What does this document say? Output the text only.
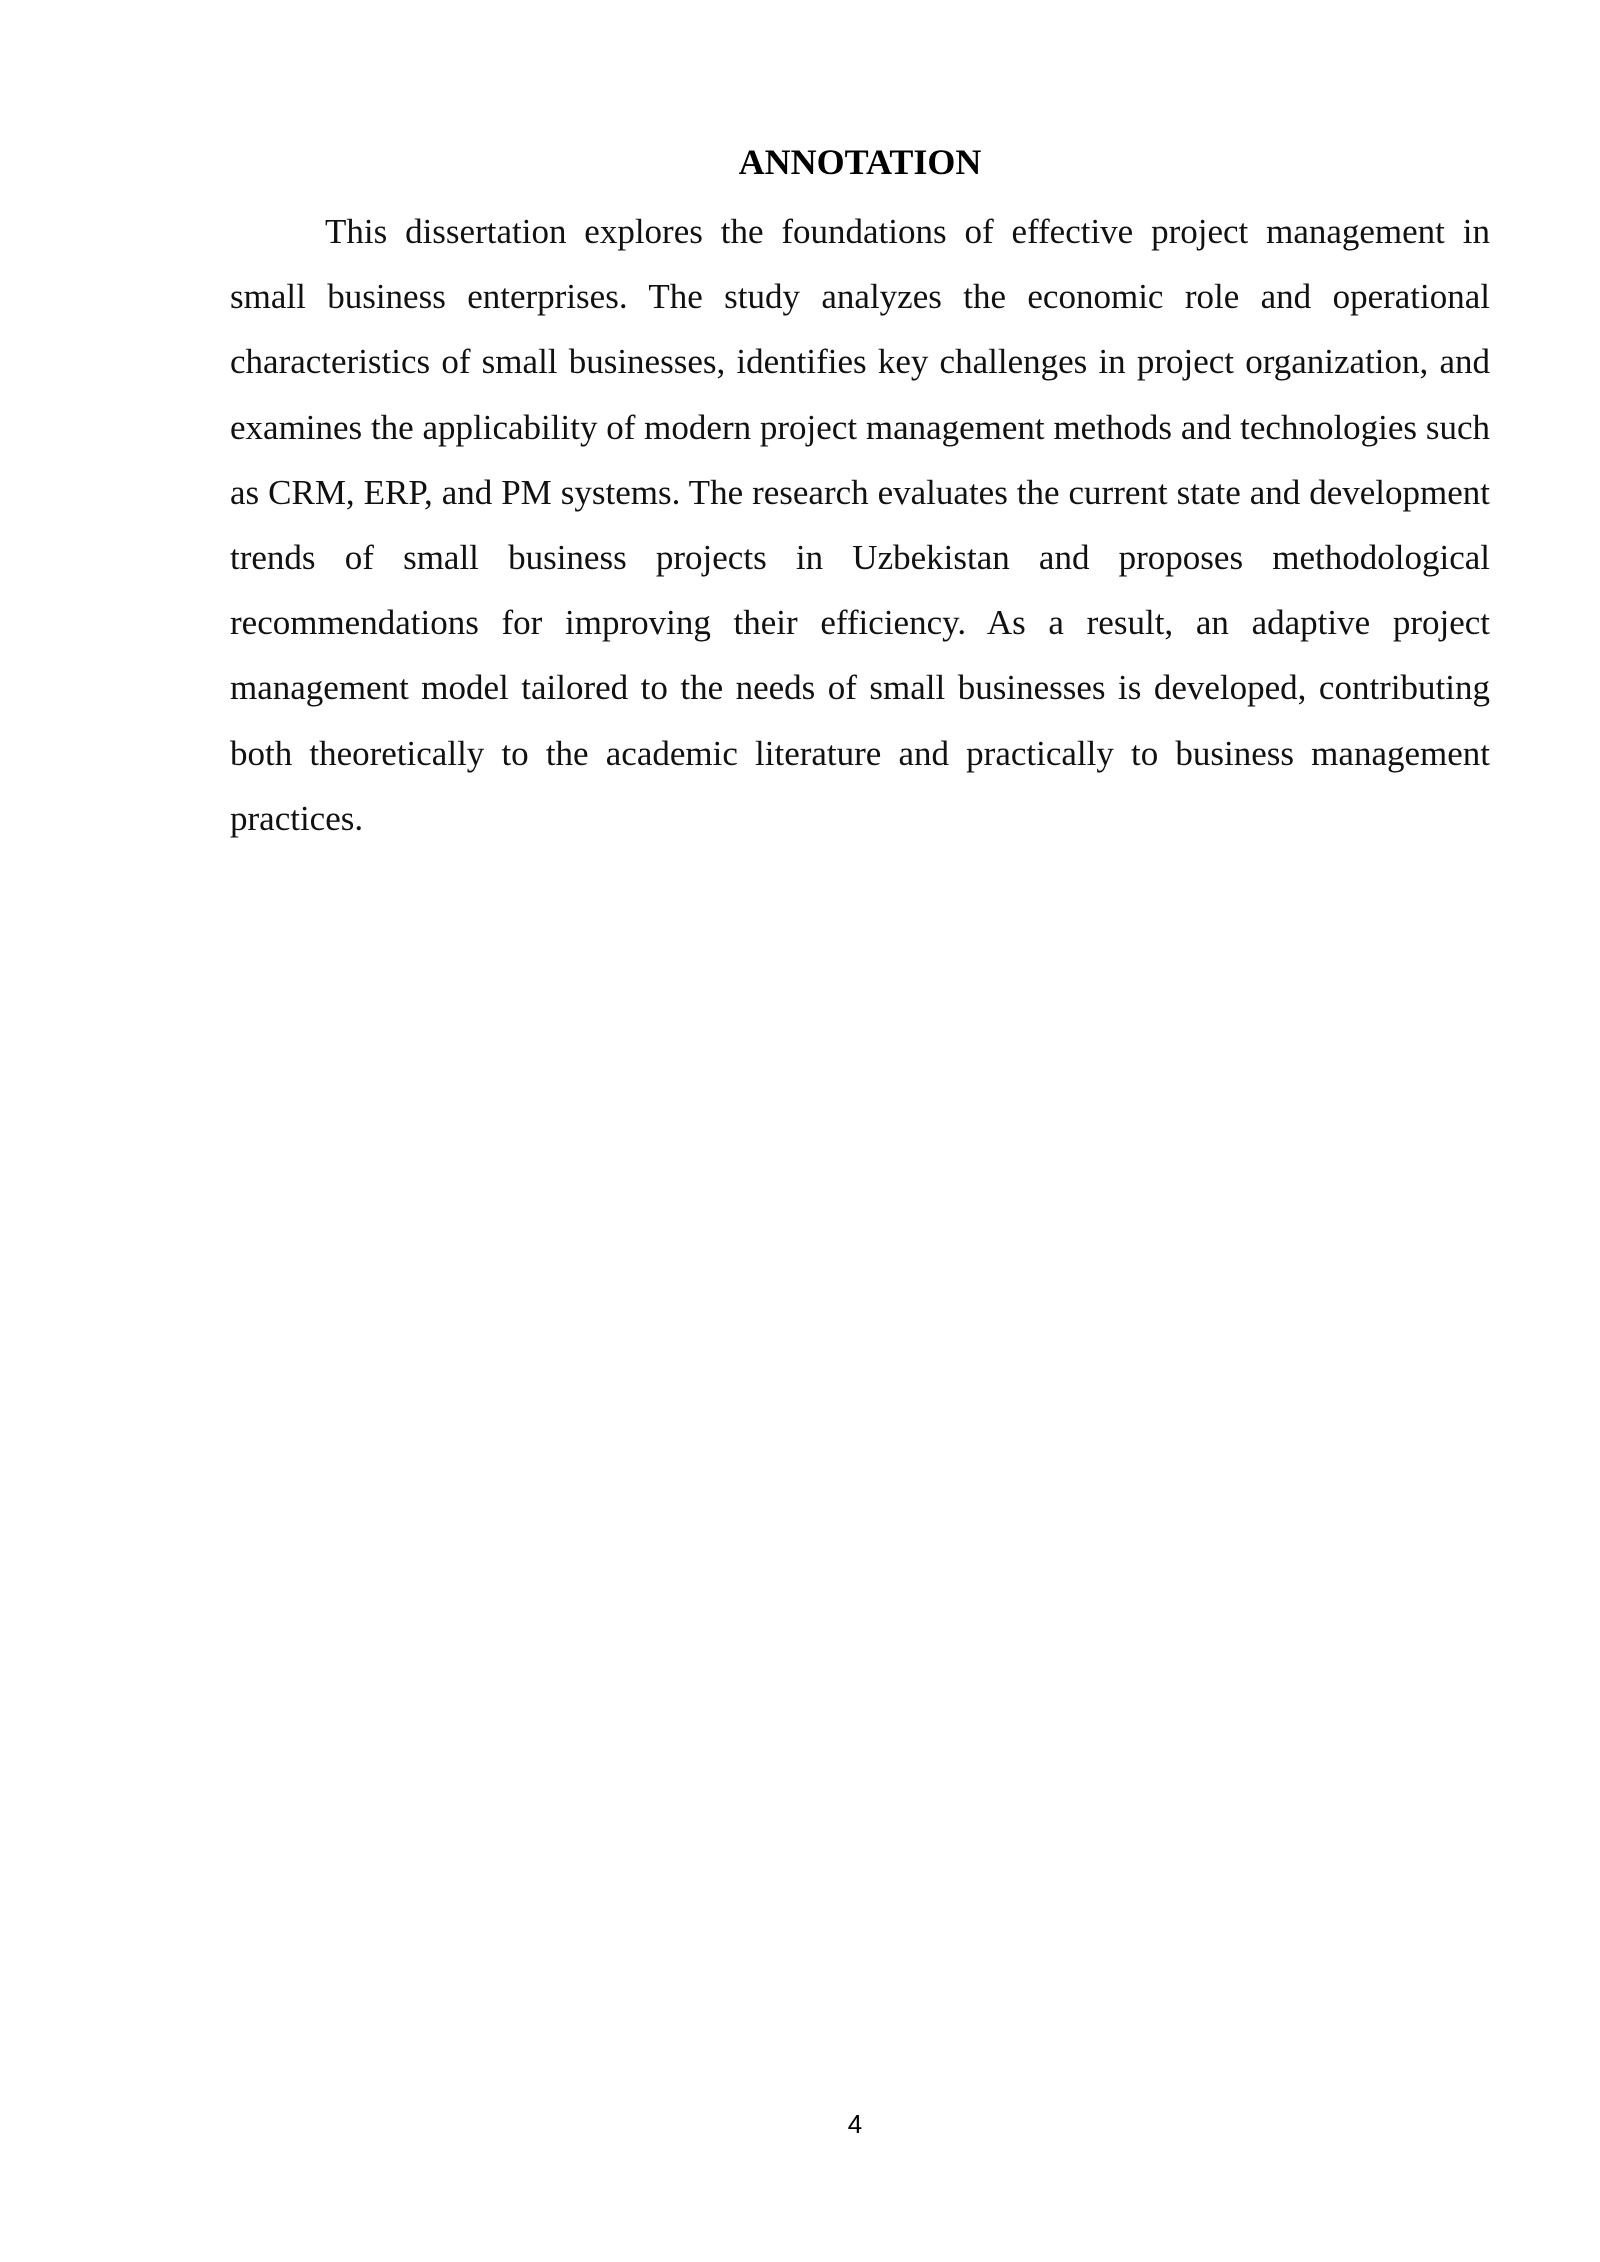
ANNOTATION

This dissertation explores the foundations of effective project management in small business enterprises. The study analyzes the economic role and operational characteristics of small businesses, identifies key challenges in project organization, and examines the applicability of modern project management methods and technologies such as CRM, ERP, and PM systems. The research evaluates the current state and development trends of small business projects in Uzbekistan and proposes methodological recommendations for improving their efficiency. As a result, an adaptive project management model tailored to the needs of small businesses is developed, contributing both theoretically to the academic literature and practically to business management practices.

4
